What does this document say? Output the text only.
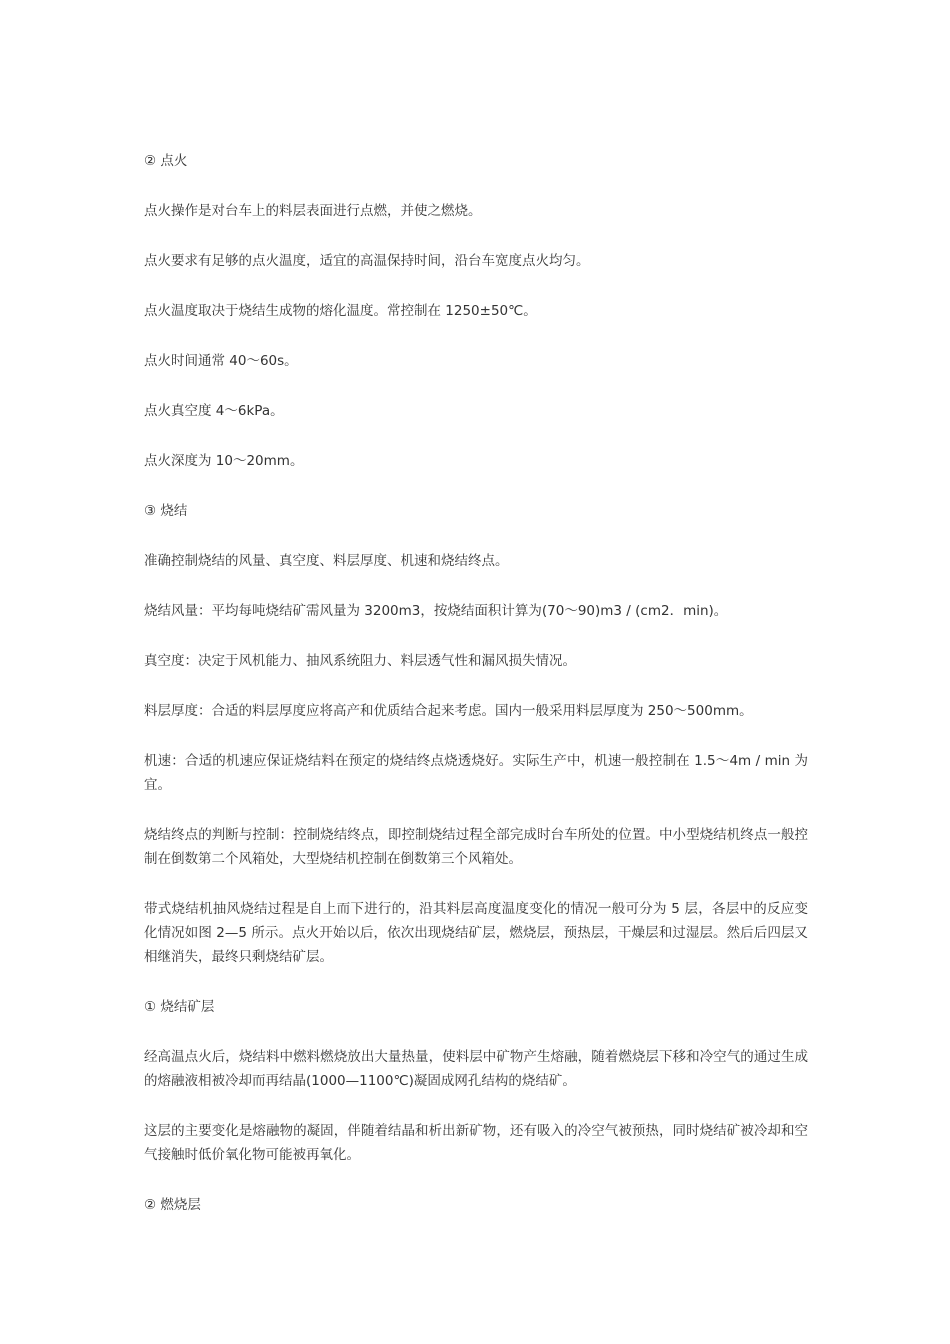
② 点火

点火操作是对台车上的料层表面进行点燃，并使之燃烧。

点火要求有足够的点火温度，适宜的高温保持时间，沿台车宽度点火均匀。

点火温度取决于烧结生成物的熔化温度。常控制在 1250±50℃。

点火时间通常 40～60s。

点火真空度 4～6kPa。

点火深度为 10～20mm。

③ 烧结

准确控制烧结的风量、真空度、料层厚度、机速和烧结终点。

烧结风量：平均每吨烧结矿需风量为 3200m3，按烧结面积计算为(70～90)m3 / (cm2．min)。

真空度：决定于风机能力、抽风系统阻力、料层透气性和漏风损失情况。

料层厚度：合适的料层厚度应将高产和优质结合起来考虑。国内一般采用料层厚度为 250～500mm。

机速：合适的机速应保证烧结料在预定的烧结终点烧透烧好。实际生产中，机速一般控制在 1.5～4m / min 为宜。

烧结终点的判断与控制：控制烧结终点，即控制烧结过程全部完成时台车所处的位置。中小型烧结机终点一般控制在倒数第二个风箱处，大型烧结机控制在倒数第三个风箱处。

带式烧结机抽风烧结过程是自上而下进行的，沿其料层高度温度变化的情况一般可分为 5 层，各层中的反应变化情况如图 2—5 所示。点火开始以后，依次出现烧结矿层，燃烧层，预热层，干燥层和过湿层。然后后四层又相继消失，最终只剩烧结矿层。

① 烧结矿层

经高温点火后，烧结料中燃料燃烧放出大量热量，使料层中矿物产生熔融，随着燃烧层下移和冷空气的通过生成的熔融液相被冷却而再结晶(1000—1100℃)凝固成网孔结构的烧结矿。

这层的主要变化是熔融物的凝固，伴随着结晶和析出新矿物，还有吸入的冷空气被预热，同时烧结矿被冷却和空气接触时低价氧化物可能被再氧化。

② 燃烧层
